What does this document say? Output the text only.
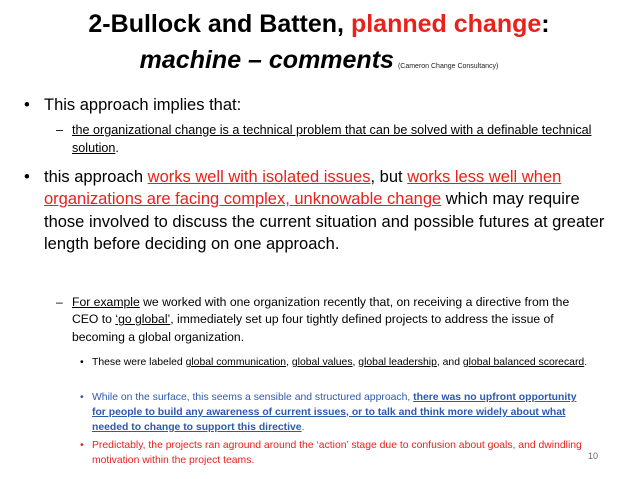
2-Bullock and Batten, planned change:
machine – comments (Cameron Change Consultancy)
• This approach implies that:
– the organizational change is a technical problem that can be solved with a definable technical solution.
• this approach works well with isolated issues, but works less well when organizations are facing complex, unknowable change which may require those involved to discuss the current situation and possible futures at greater length before deciding on one approach.
– For example we worked with one organization recently that, on receiving a directive from the CEO to ‘go global’, immediately set up four tightly defined projects to address the issue of becoming a global organization.
• These were labeled global communication, global values, global leadership, and global balanced scorecard.
• While on the surface, this seems a sensible and structured approach, there was no upfront opportunity for people to build any awareness of current issues, or to talk and think more widely about what needed to change to support this directive.
• Predictably, the projects ran aground around the ‘action’ stage due to confusion about goals, and dwindling motivation within the project teams.	10
